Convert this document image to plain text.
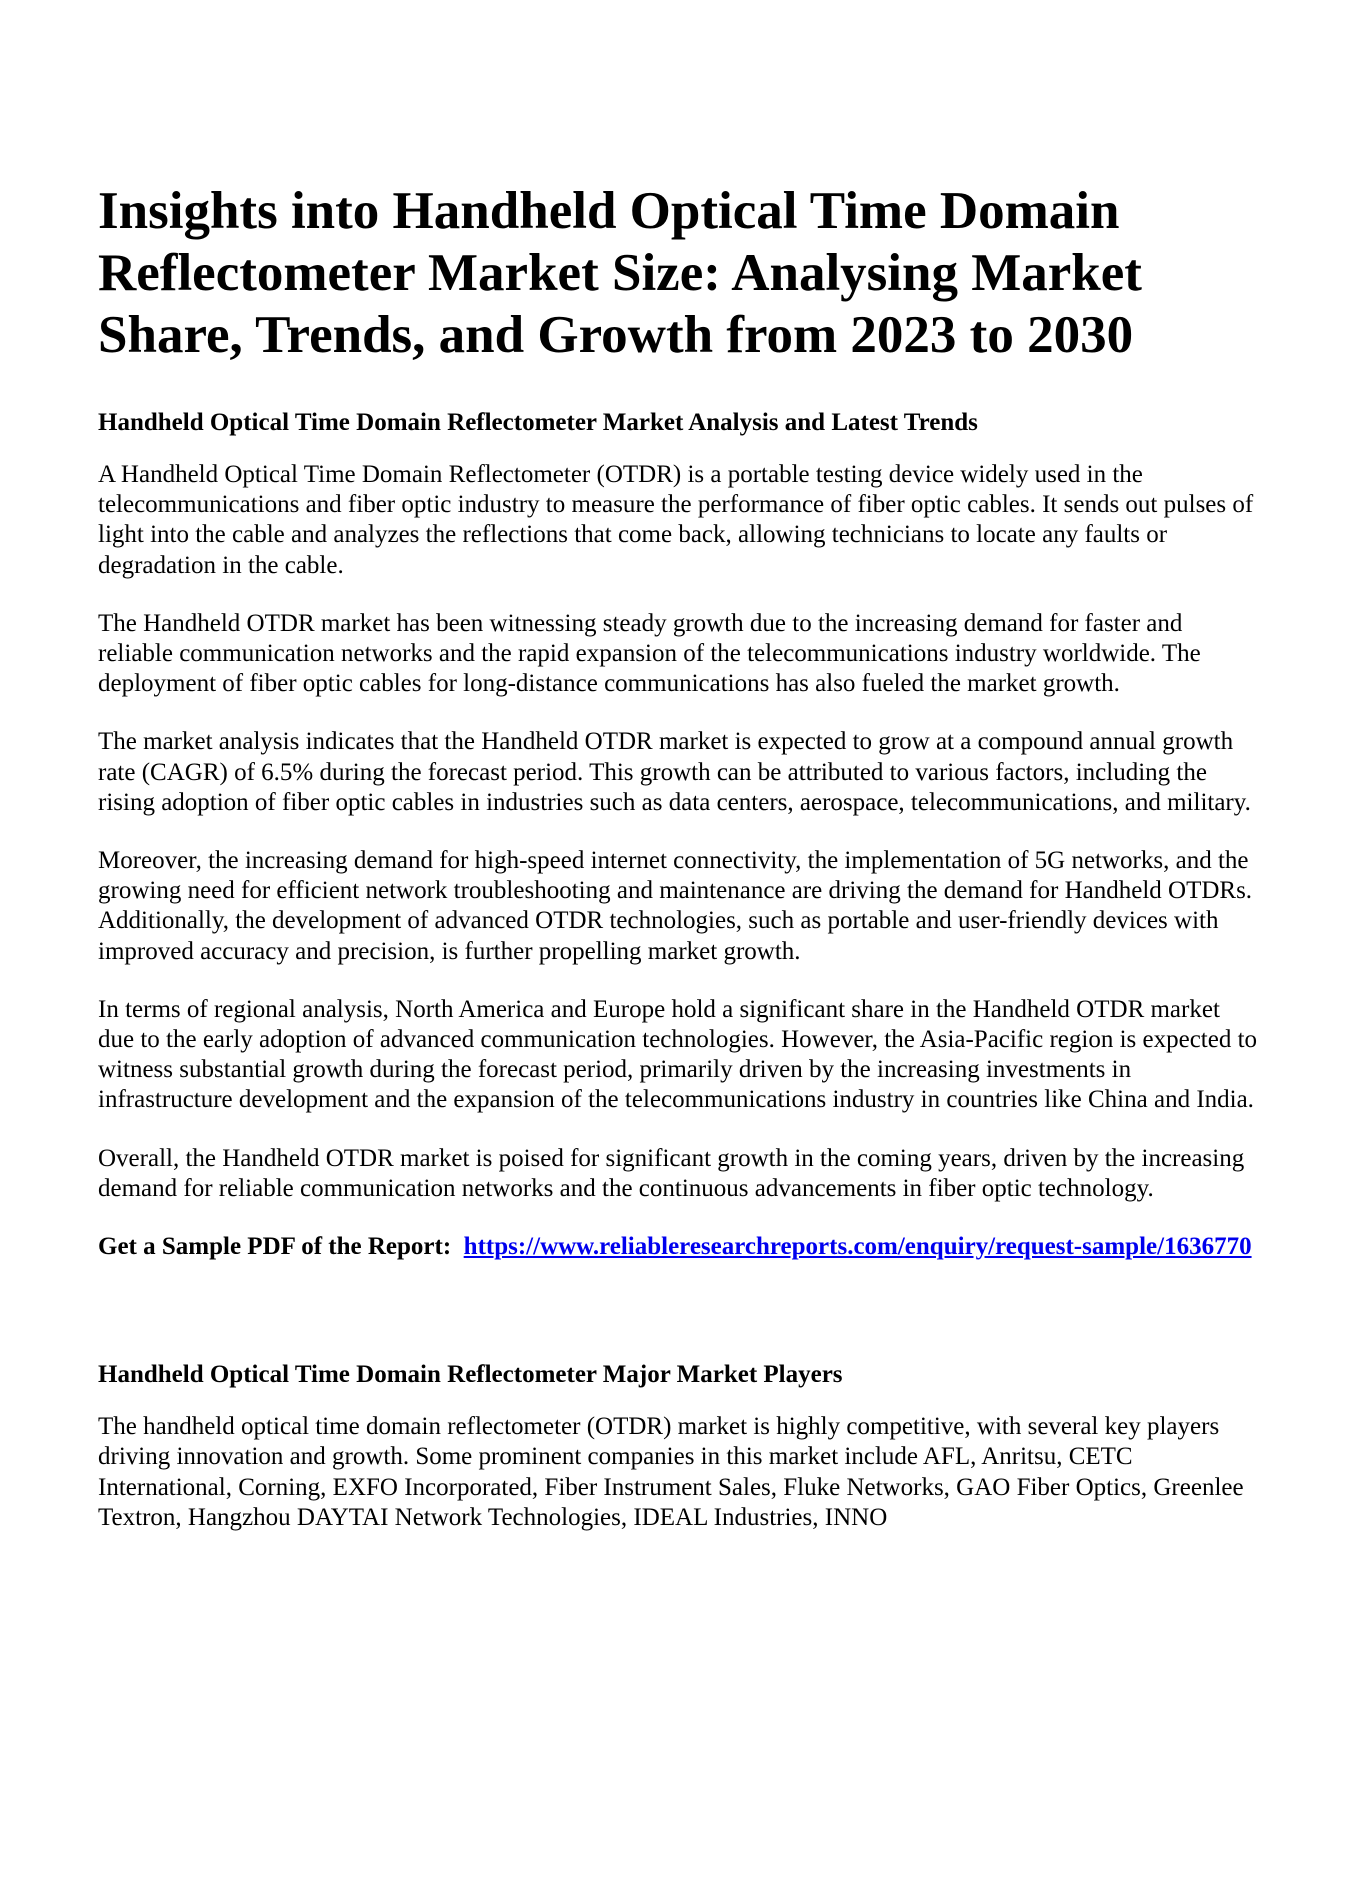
Insights into Handheld Optical Time Domain Reflectometer Market Size: Analysing Market Share, Trends, and Growth from 2023 to 2030
Handheld Optical Time Domain Reflectometer Market Analysis and Latest Trends

A Handheld Optical Time Domain Reflectometer (OTDR) is a portable testing device widely used in the telecommunications and fiber optic industry to measure the performance of fiber optic cables. It sends out pulses of light into the cable and analyzes the reflections that come back, allowing technicians to locate any faults or degradation in the cable.

The Handheld OTDR market has been witnessing steady growth due to the increasing demand for faster and reliable communication networks and the rapid expansion of the telecommunications industry worldwide. The deployment of fiber optic cables for long-distance communications has also fueled the market growth.

The market analysis indicates that the Handheld OTDR market is expected to grow at a compound annual growth rate (CAGR) of 6.5% during the forecast period. This growth can be attributed to various factors, including the rising adoption of fiber optic cables in industries such as data centers, aerospace, telecommunications, and military.

Moreover, the increasing demand for high-speed internet connectivity, the implementation of 5G networks, and the growing need for efficient network troubleshooting and maintenance are driving the demand for Handheld OTDRs. Additionally, the development of advanced OTDR technologies, such as portable and user-friendly devices with improved accuracy and precision, is further propelling market growth.

In terms of regional analysis, North America and Europe hold a significant share in the Handheld OTDR market due to the early adoption of advanced communication technologies. However, the Asia-Pacific region is expected to witness substantial growth during the forecast period, primarily driven by the increasing investments in infrastructure development and the expansion of the telecommunications industry in countries like China and India.

Overall, the Handheld OTDR market is poised for significant growth in the coming years, driven by the increasing demand for reliable communication networks and the continuous advancements in fiber optic technology.

Get a Sample PDF of the Report: https://www.reliableresearchreports.com/enquiry/request-sample/1636770

Handheld Optical Time Domain Reflectometer Major Market Players

The handheld optical time domain reflectometer (OTDR) market is highly competitive, with several key players driving innovation and growth. Some prominent companies in this market include AFL, Anritsu, CETC International, Corning, EXFO Incorporated, Fiber Instrument Sales, Fluke Networks, GAO Fiber Optics, Greenlee Textron, Hangzhou DAYTAI Network Technologies, IDEAL Industries, INNO
